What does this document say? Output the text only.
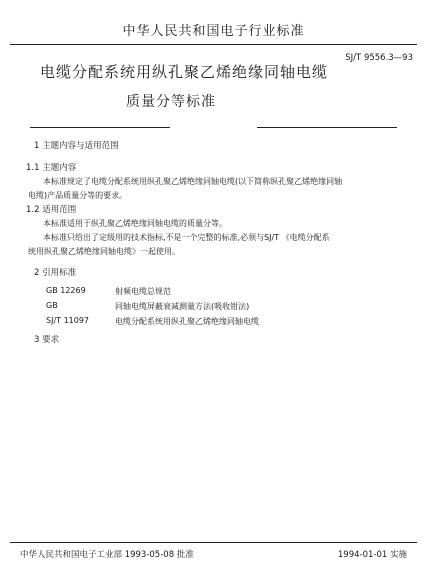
中华人民共和国电子行业标准
SJ/T 9556.3—93
电缆分配系统用纵孔聚乙烯绝缘同轴电缆
质量分等标准
1 主题内容与适用范围
1.1 主题内容
本标准规定了电缆分配系统用纵孔聚乙烯绝缘同轴电缆(以下简称纵孔聚乙烯绝缘同轴
电缆)产品质量分等的要求。
1.2 适用范围
本标准适用于纵孔聚乙烯绝缘同轴电缆的质量分等。
本标准只给出了定级用的技术指标,不是一个完整的标准,必须与SJ/T 《电缆分配系
统用纵孔聚乙烯绝缘同轴电缆》一起使用。
2 引用标准
GB 12269	射频电缆总规范
GB	同轴电缆屏蔽衰减测量方法(吸收钳法)
SJ/T 11097	电缆分配系统用纵孔聚乙烯绝缘同轴电缆
3 要求
中华人民共和国电子工业部 1993-05-08 批准	1994-01-01 实施
